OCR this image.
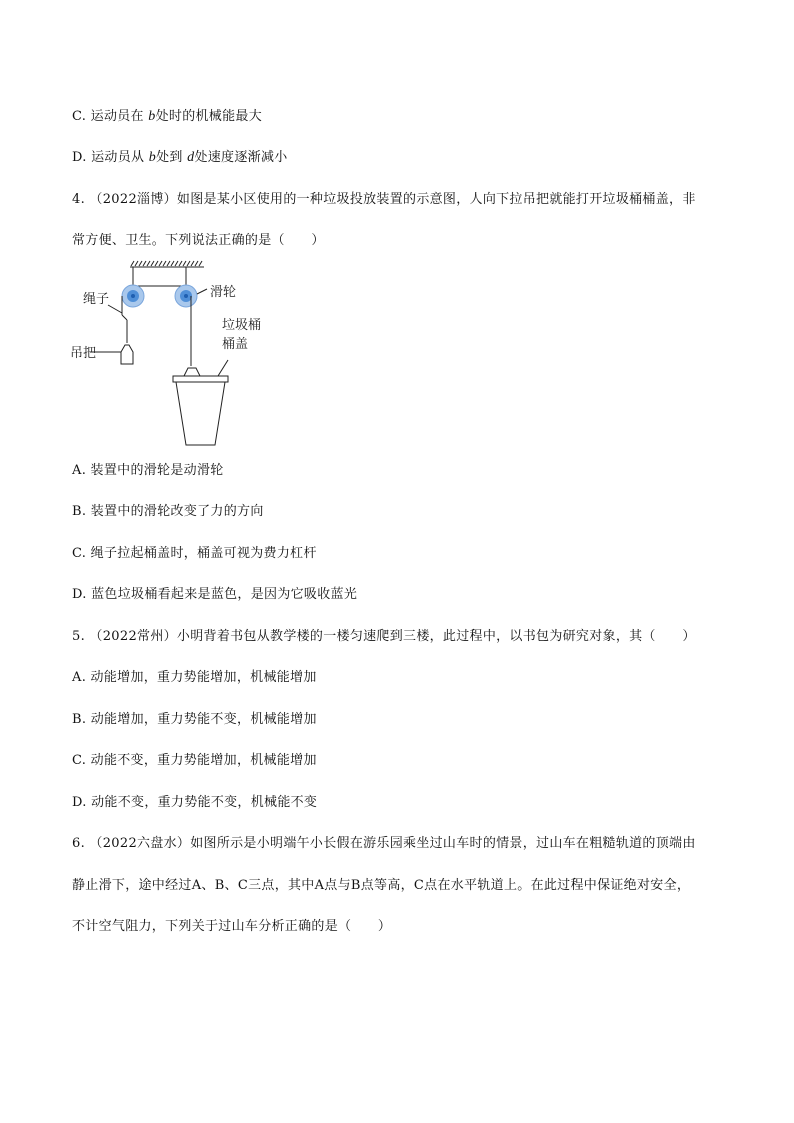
C. 运动员在 b处时的机械能最大
D. 运动员从 b处到 d处速度逐渐减小
4. （2022淄博）如图是某小区使用的一种垃圾投放装置的示意图，人向下拉吊把就能打开垃圾桶桶盖，非
常方便、卫生。下列说法正确的是（　　）
绳子	滑轮
吊把
垃圾桶
桶盖
A. 装置中的滑轮是动滑轮
B. 装置中的滑轮改变了力的方向
C. 绳子拉起桶盖时，桶盖可视为费力杠杆
D. 蓝色垃圾桶看起来是蓝色，是因为它吸收蓝光
5. （2022常州）小明背着书包从教学楼的一楼匀速爬到三楼，此过程中，以书包为研究对象，其（　　）
A. 动能增加，重力势能增加，机械能增加
B. 动能增加，重力势能不变，机械能增加
C. 动能不变，重力势能增加，机械能增加
D. 动能不变，重力势能不变，机械能不变
6. （2022六盘水）如图所示是小明端午小长假在游乐园乘坐过山车时的情景，过山车在粗糙轨道的顶端由
静止滑下，途中经过A、B、C三点，其中A点与B点等高，C点在水平轨道上。在此过程中保证绝对安全，
不计空气阻力，下列关于过山车分析正确的是（　　）
